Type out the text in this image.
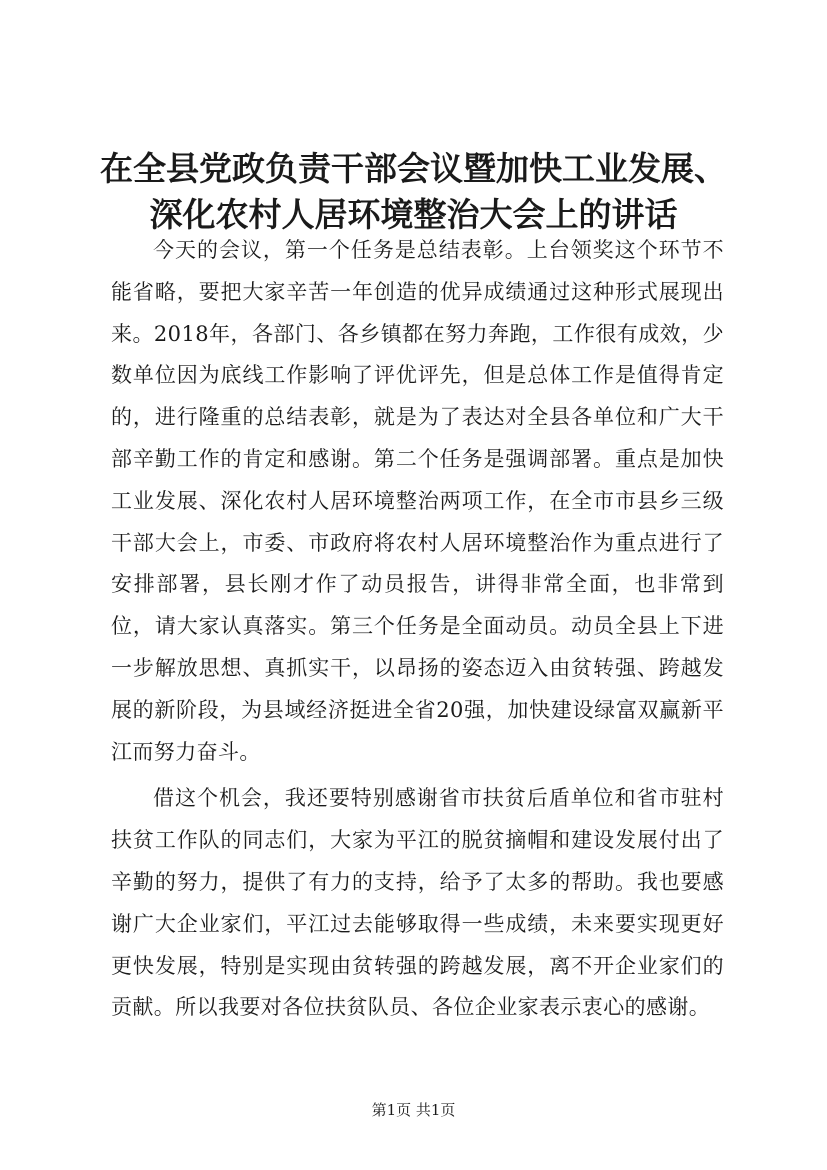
在全县党政负责干部会议暨加快工业发展、深化农村人居环境整治大会上的讲话

今天的会议，第一个任务是总结表彰。上台领奖这个环节不能省略，要把大家辛苦一年创造的优异成绩通过这种形式展现出来。2018年，各部门、各乡镇都在努力奔跑，工作很有成效，少数单位因为底线工作影响了评优评先，但是总体工作是值得肯定的，进行隆重的总结表彰，就是为了表达对全县各单位和广大干部辛勤工作的肯定和感谢。第二个任务是强调部署。重点是加快工业发展、深化农村人居环境整治两项工作，在全市市县乡三级干部大会上，市委、市政府将农村人居环境整治作为重点进行了安排部署，县长刚才作了动员报告，讲得非常全面，也非常到位，请大家认真落实。第三个任务是全面动员。动员全县上下进一步解放思想、真抓实干，以昂扬的姿态迈入由贫转强、跨越发展的新阶段，为县域经济挺进全省20强，加快建设绿富双赢新平江而努力奋斗。

借这个机会，我还要特别感谢省市扶贫后盾单位和省市驻村扶贫工作队的同志们，大家为平江的脱贫摘帽和建设发展付出了辛勤的努力，提供了有力的支持，给予了太多的帮助。我也要感谢广大企业家们，平江过去能够取得一些成绩，未来要实现更好更快发展，特别是实现由贫转强的跨越发展，离不开企业家们的贡献。所以我要对各位扶贫队员、各位企业家表示衷心的感谢。

第1页 共1页
